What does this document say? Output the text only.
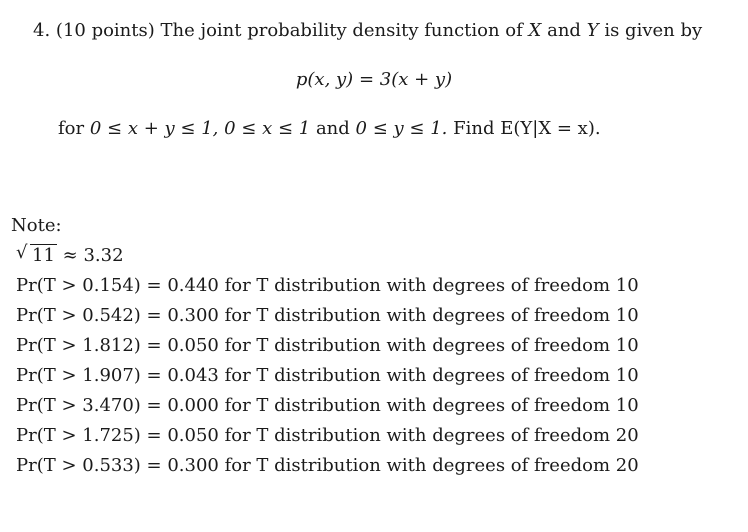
4. (10 points) The joint probability density function of X and Y is given by
p(x, y) = 3(x + y)
for 0 ≤ x + y ≤ 1, 0 ≤ x ≤ 1 and 0 ≤ y ≤ 1. Find E(Y|X = x).
Note:
√ 11 ≈ 3.32
Pr(T > 0.154) = 0.440 for T distribution with degrees of freedom 10
Pr(T > 0.542) = 0.300 for T distribution with degrees of freedom 10
Pr(T > 1.812) = 0.050 for T distribution with degrees of freedom 10
Pr(T > 1.907) = 0.043 for T distribution with degrees of freedom 10
Pr(T > 3.470) = 0.000 for T distribution with degrees of freedom 10
Pr(T > 1.725) = 0.050 for T distribution with degrees of freedom 20
Pr(T > 0.533) = 0.300 for T distribution with degrees of freedom 20
